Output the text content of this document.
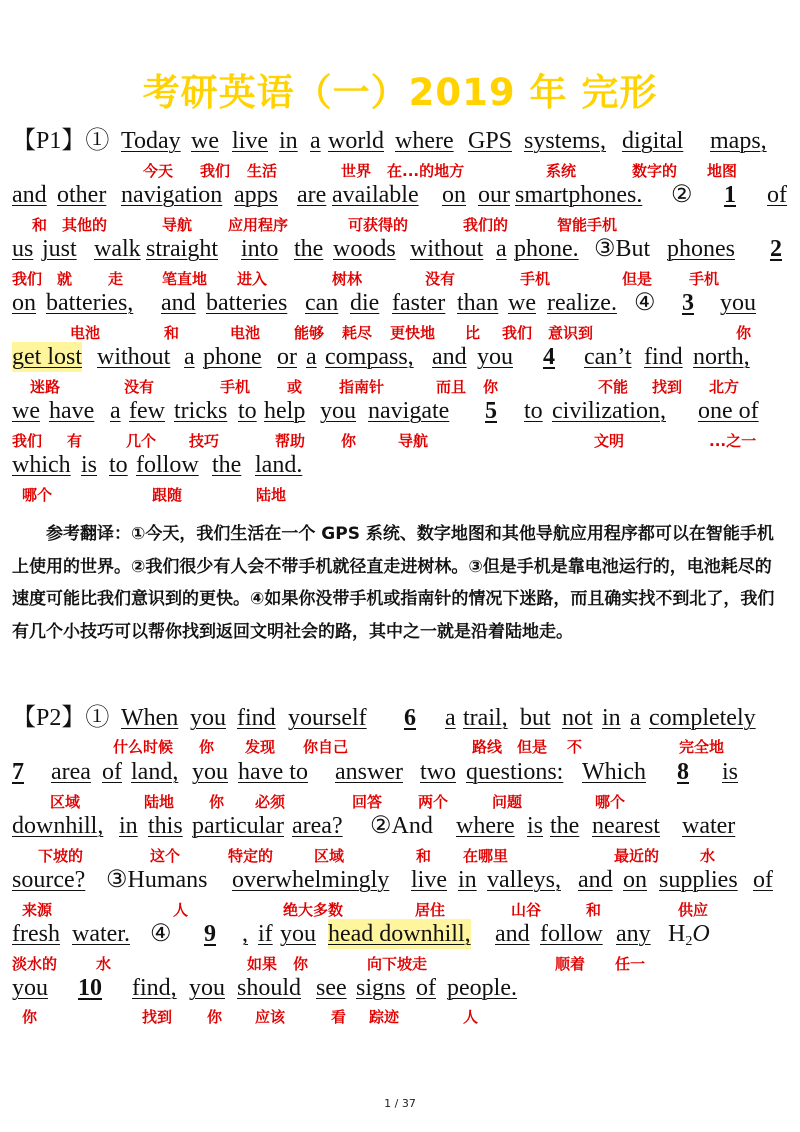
考研英语（一）2019 年 完形
【P1】① Today we live in a world where GPS systems, digital maps,
今天 我们 生活	世界 在...的地方	系统	数字的 地图
and other navigation apps are available on our smartphones. ② 1 of
和 其他的	导航 应用程序	可获得的	我们的	智能手机
us just walk straight into the woods without a phone. ③But phones 2
我们 就 走	笔直地 进入	树林	没有	手机	但是 手机
on batteries, and batteries can die faster than we realize. ④ 3 you
电池	和	电池 能够 耗尽 更快地 比 我们 意识到	你
get lost without a phone or a compass, and you 4 can’t find north,
迷路	没有	手机 或 指南针	而且 你	不能 找到 北方
we have a few tricks to help you navigate 5 to civilization, one of
我们 有	几个 技巧	帮助 你	导航	文明	...之一
which is to follow the land.
哪个	跟随	陆地
参考翻译：①今天，我们生活在一个 GPS 系统、数字地图和其他导航应用程序都可以在智能手机上使用的世界。②我们很少有人会不带手机就径直走进树林。③但是手机是靠电池运行的，电池耗尽的速度可能比我们意识到的更快。④如果你没带手机或指南针的情况下迷路，而且确实找不到北了，我们有几个小技巧可以帮你找到返回文明社会的路，其中之一就是沿着陆地走。
【P2】① When you find yourself 6 a trail, but not in a completely
什么时候 你 发现 你自己	路线 但是 不	完全地
7 area of land, you have to answer two questions: Which 8 is
区域	陆地 你 必须	回答 两个	问题	哪个
downhill, in this particular area? ②And where is the nearest water
下坡的	这个	特定的	区域	和 在哪里	最近的	水
source? ③Humans overwhelmingly live in valleys, and on supplies of
来源	人	绝大多数	居住	山谷	和	供应
fresh water. ④ 9 , if you head downhill, and follow any $H_2O$
淡水的	水	如果 你	向下坡走	顺着 任一
you 10 find, you should see signs of people.
你	找到 你 应该	看 踪迹	人
1 / 37
